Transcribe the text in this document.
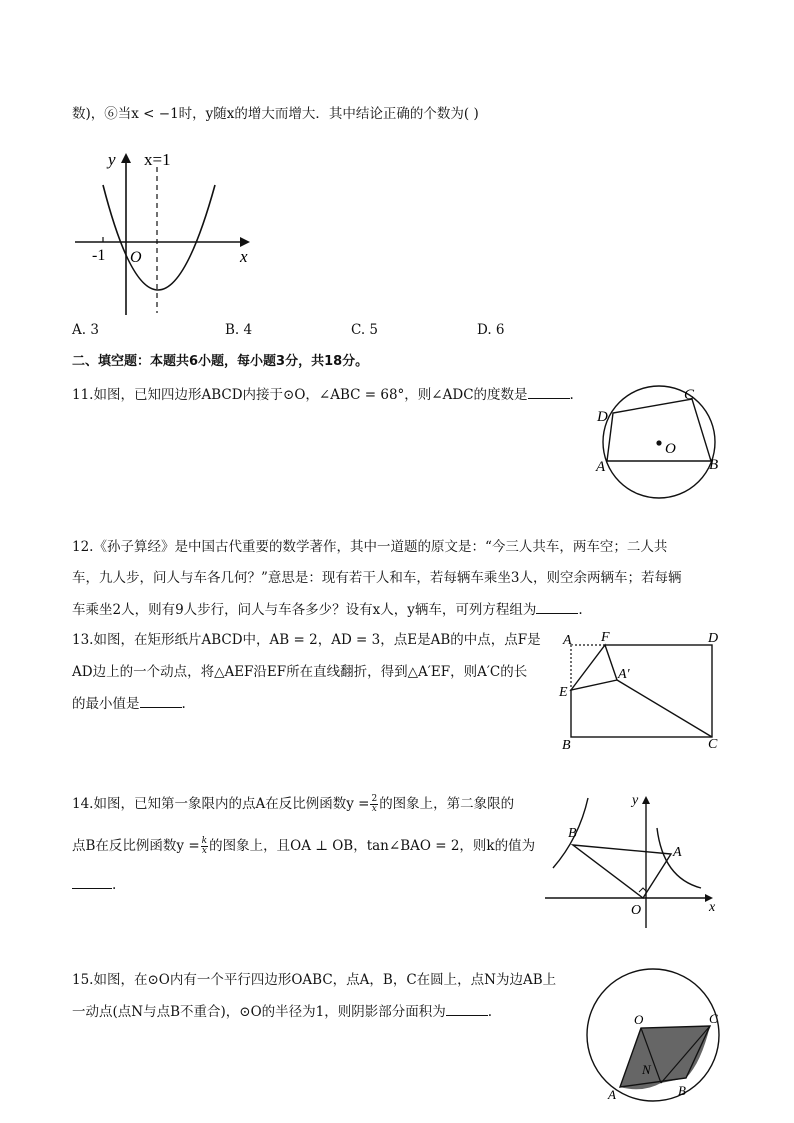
数)，⑥当x < −1时，y随x的增大而增大．其中结论正确的个数为( )
y x=1
x
-1 O
A. 3	B. 4	C. 5	D. 6
二、填空题：本题共6小题，每小题3分，共18分。
11.如图，已知四边形ABCD内接于⊙O，∠ABC = 68°，则∠ADC的度数是	.
D
C
O
A	B
12.《孙子算经》是中国古代重要的数学著作，其中一道题的原文是：“今三人共车，两车空；二人共
车，九人步，问人与车各几何？”意思是：现有若干人和车，若每辆车乘坐3人，则空余两辆车；若每辆
车乘坐2人，则有9人步行，问人与车各多少？设有x人，y辆车，可列方程组为	.
13.如图，在矩形纸片ABCD中，AB = 2，AD = 3，点E是AB的中点，点F是
AD边上的一个动点，将△AEF沿EF所在直线翻折，得到△A′EF，则A′C的长
的最小值是	.
A F	D
A′
E
B	C
14.如图，已知第一象限内的点A在反比例函数$y = \frac{2}{x}$ 的图象上，第二象限的
点B在反比例函数$y = \frac{k}{x}$ 的图象上，且OA ⊥ OB，tan∠BAO = 2，则k的值为
.
y
B
A
O	x
15.如图，在⊙O内有一个平行四边形OABC，点A，B，C在圆上，点N为边AB上
一动点(点N与点B不重合)，⊙O的半径为1，则阴影部分面积为	.	O	C
N
A	B
